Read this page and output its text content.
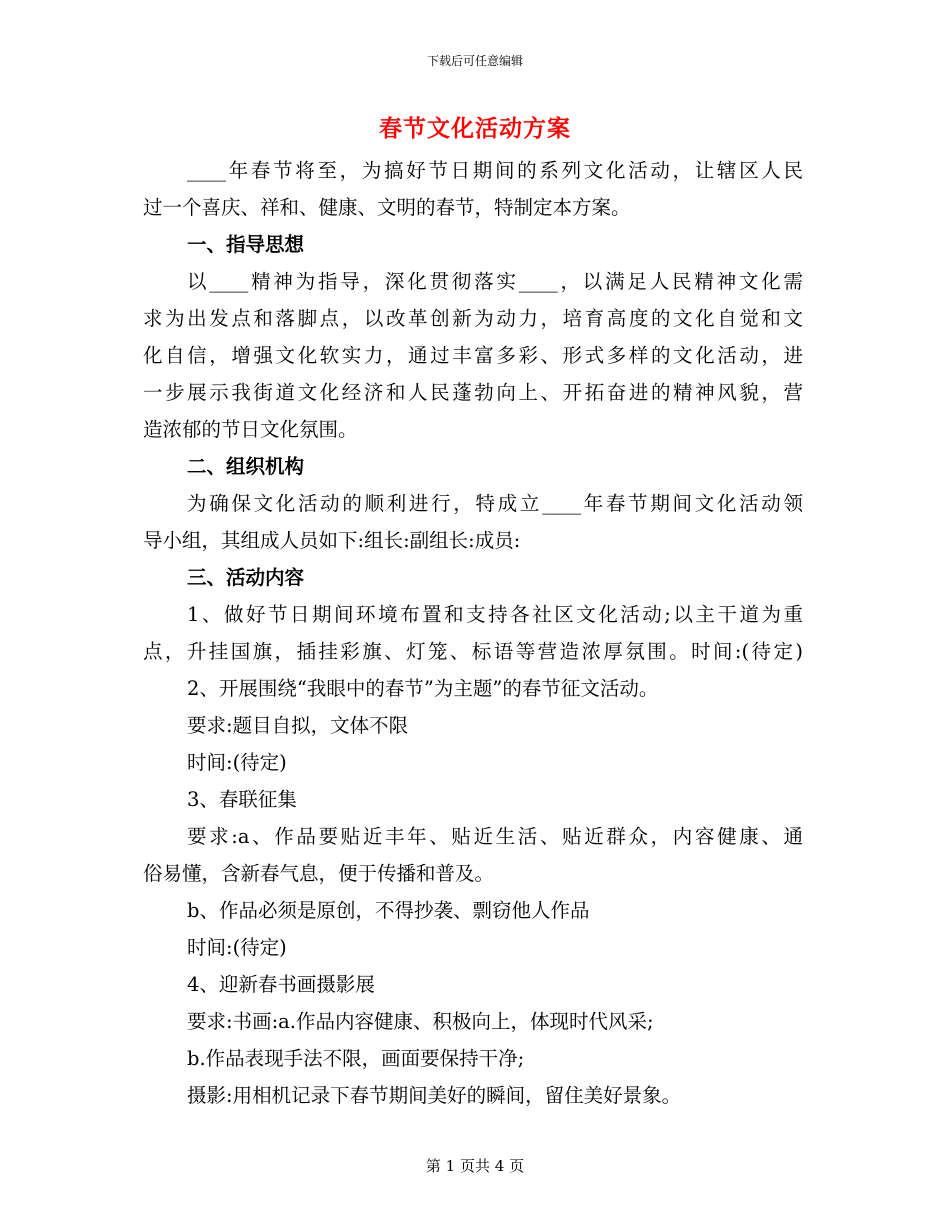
下载后可任意编辑
春节文化活动方案
____年春节将至，为搞好节日期间的系列文化活动，让辖区人民
过一个喜庆、祥和、健康、文明的春节，特制定本方案。
一、指导思想
以____精神为指导，深化贯彻落实____，以满足人民精神文化需
求为出发点和落脚点，以改革创新为动力，培育高度的文化自觉和文
化自信，增强文化软实力，通过丰富多彩、形式多样的文化活动，进
一步展示我街道文化经济和人民蓬勃向上、开拓奋进的精神风貌，营
造浓郁的节日文化氛围。
二、组织机构
为确保文化活动的顺利进行，特成立____年春节期间文化活动领
导小组，其组成人员如下:组长:副组长:成员:
三、活动内容
1、做好节日期间环境布置和支持各社区文化活动;以主干道为重
点，升挂国旗，插挂彩旗、灯笼、标语等营造浓厚氛围。时间:(待定)
2、开展围绕“我眼中的春节”为主题”的春节征文活动。
要求:题目自拟，文体不限
时间:(待定)
3、春联征集
要求:a、作品要贴近丰年、贴近生活、贴近群众，内容健康、通
俗易懂，含新春气息，便于传播和普及。
b、作品必须是原创，不得抄袭、剽窃他人作品
时间:(待定)
4、迎新春书画摄影展
要求:书画:a.作品内容健康、积极向上，体现时代风采;
b.作品表现手法不限，画面要保持干净;
摄影:用相机记录下春节期间美好的瞬间，留住美好景象。
第 1 页共 4 页
